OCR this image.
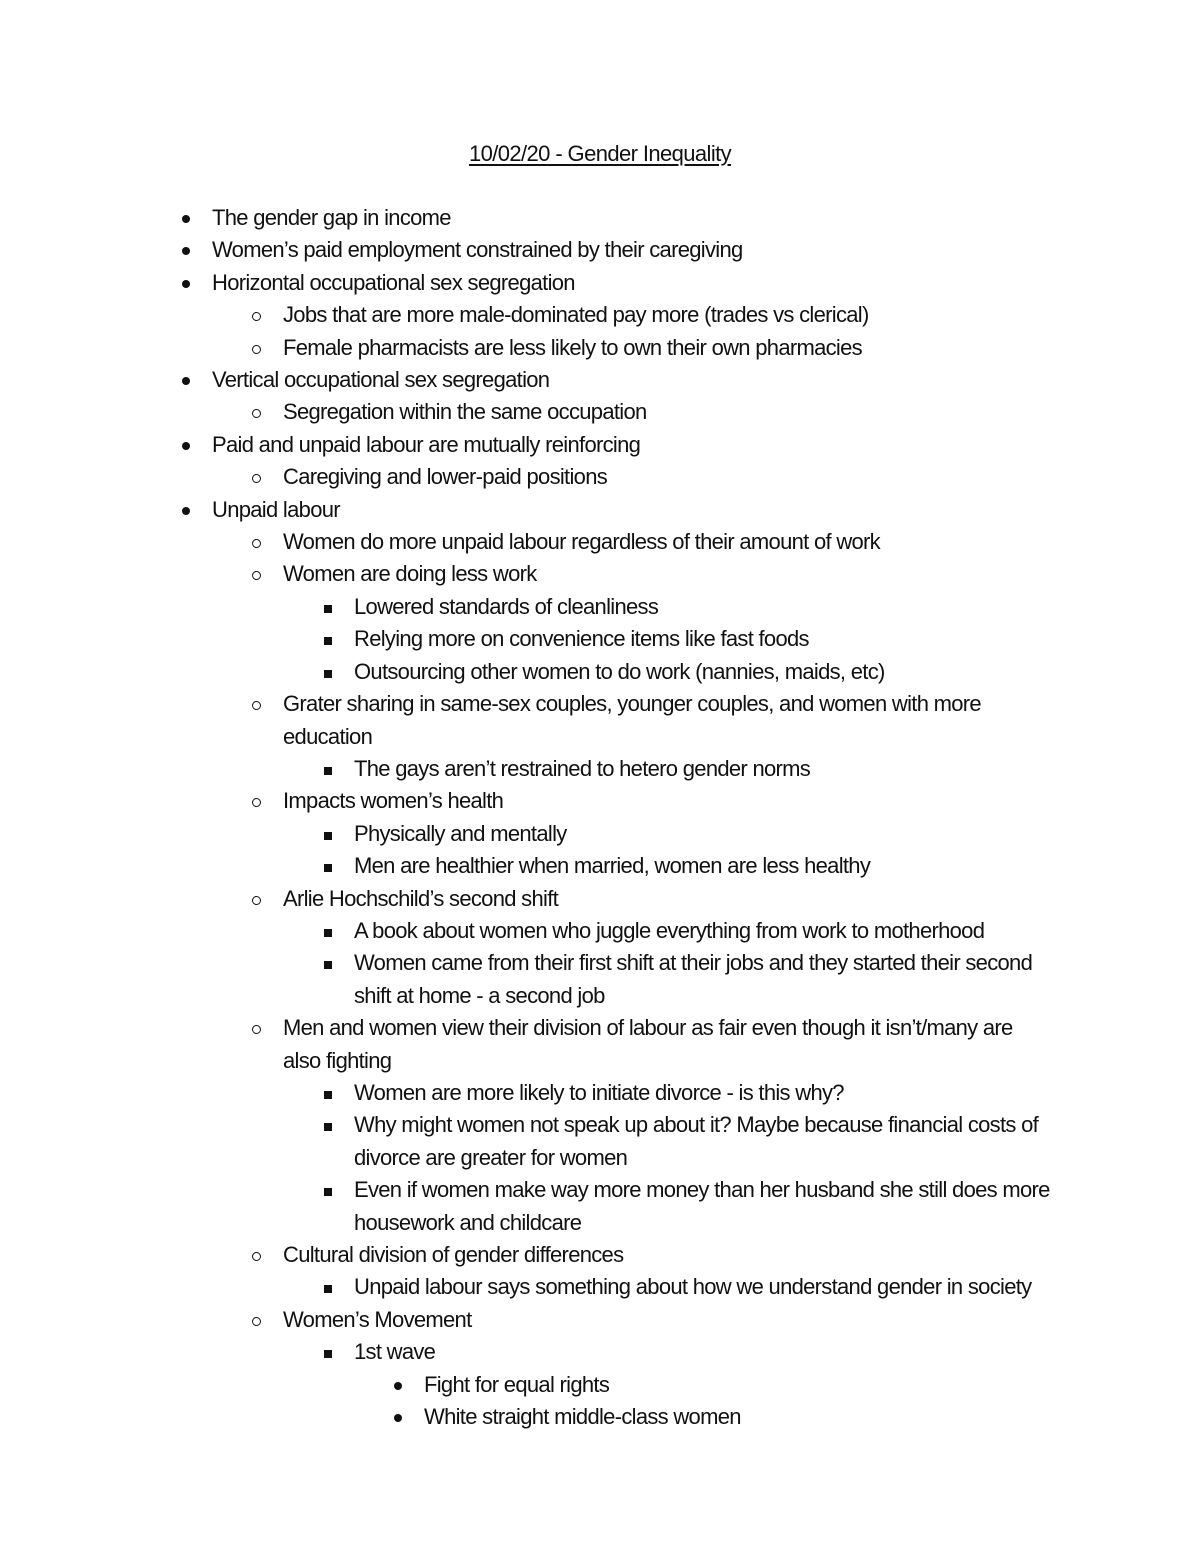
10/02/20 - Gender Inequality
The gender gap in income
Women’s paid employment constrained by their caregiving
Horizontal occupational sex segregation
Jobs that are more male-dominated pay more (trades vs clerical)
Female pharmacists are less likely to own their own pharmacies
Vertical occupational sex segregation
Segregation within the same occupation
Paid and unpaid labour are mutually reinforcing
Caregiving and lower-paid positions
Unpaid labour
Women do more unpaid labour regardless of their amount of work
Women are doing less work
Lowered standards of cleanliness
Relying more on convenience items like fast foods
Outsourcing other women to do work (nannies, maids, etc)
Grater sharing in same-sex couples, younger couples, and women with more education
The gays aren’t restrained to hetero gender norms
Impacts women’s health
Physically and mentally
Men are healthier when married, women are less healthy
Arlie Hochschild’s second shift
A book about women who juggle everything from work to motherhood
Women came from their first shift at their jobs and they started their second shift at home - a second job
Men and women view their division of labour as fair even though it isn’t/many are also fighting
Women are more likely to initiate divorce - is this why?
Why might women not speak up about it? Maybe because financial costs of divorce are greater for women
Even if women make way more money than her husband she still does more housework and childcare
Cultural division of gender differences
Unpaid labour says something about how we understand gender in society
Women’s Movement
1st wave
Fight for equal rights
White straight middle-class women
